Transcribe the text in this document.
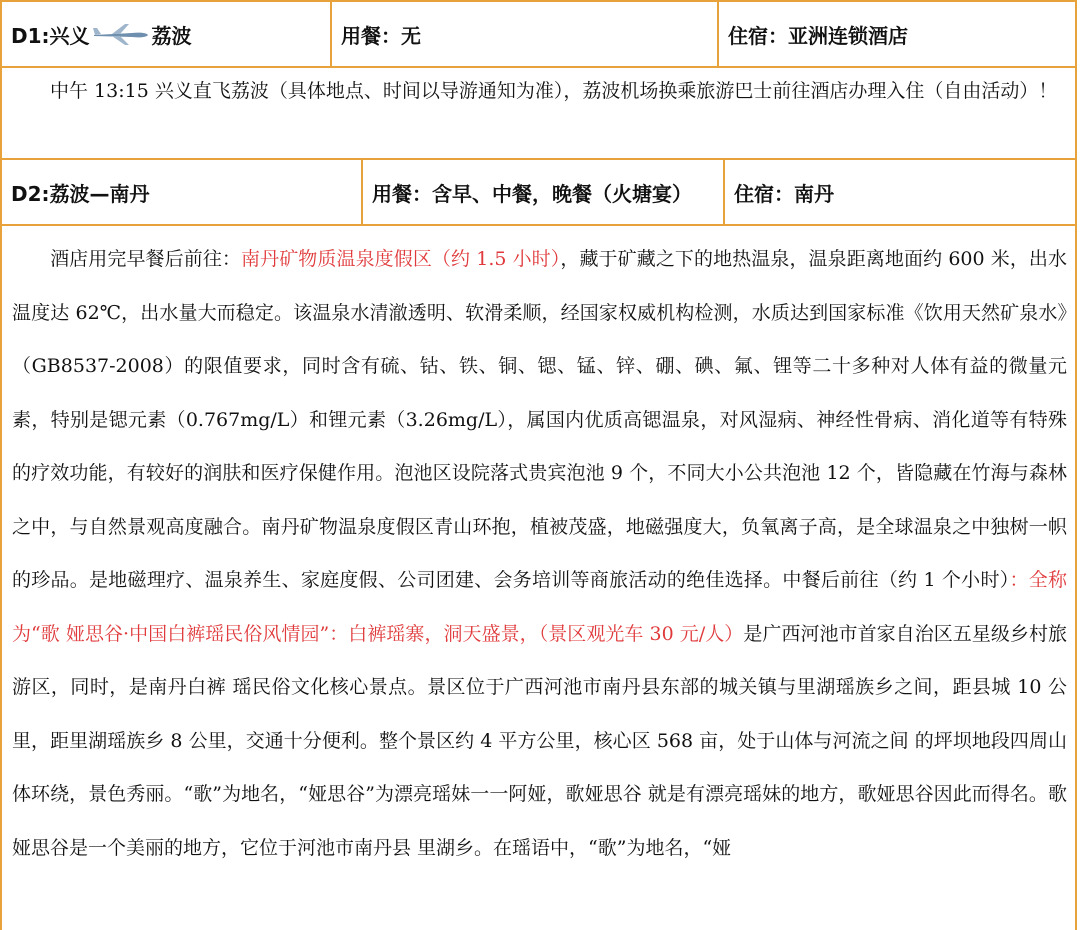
D1:兴义	荔波	用餐：无	住宿：亚洲连锁酒店
中午 13:15 兴义直飞荔波（具体地点、时间以导游通知为准），荔波机场换乘旅游巴士前往酒店办理入住（自由活动）！
D2:荔波—南丹	用餐：含早、中餐，晚餐（火塘宴）	住宿：南丹
酒店用完早餐后前往：南丹矿物质温泉度假区（约 1.5 小时），藏于矿藏之下的地热温泉，温泉距离地面约 600 米，出水温度达 62℃，出水量大而稳定。该温泉水清澈透明、软滑柔顺，经国家权威机构检测，水质达到国家标准《饮用天然矿泉水》（GB8537-2008）的限值要求，同时含有硫、钴、铁、铜、锶、锰、锌、硼、碘、氟、锂等二十多种对人体有益的微量元素，特别是锶元素（0.767mg/L）和锂元素（3.26mg/L），属国内优质高锶温泉，对风湿病、神经性骨病、消化道等有特殊的疗效功能，有较好的润肤和医疗保健作用。泡池区设院落式贵宾泡池 9 个，不同大小公共泡池 12 个，皆隐藏在竹海与森林之中，与自然景观高度融合。南丹矿物温泉度假区青山环抱，植被茂盛，地磁强度大，负氧离子高，是全球温泉之中独树一帜的珍品。是地磁理疗、温泉养生、家庭度假、公司团建、会务培训等商旅活动的绝佳选择。中餐后前往（约 1 个小时）：全称为“歌 娅思谷·中国白裤瑶民俗风情园”：白裤瑶寨，洞天盛景，（景区观光车 30 元/人）是广西河池市首家自治区五星级乡村旅游区，同时，是南丹白裤 瑶民俗文化核心景点。景区位于广西河池市南丹县东部的城关镇与里湖瑶族乡之间，距县城 10 公里，距里湖瑶族乡 8 公里，交通十分便利。整个景区约 4 平方公里，核心区 568 亩，处于山体与河流之间 的坪坝地段四周山体环绕，景色秀丽。“歌”为地名，“娅思谷”为漂亮瑶妹一一阿娅，歌娅思谷 就是有漂亮瑶妹的地方，歌娅思谷因此而得名。歌娅思谷是一个美丽的地方，它位于河池市南丹县 里湖乡。在瑶语中，“歌”为地名，“娅
